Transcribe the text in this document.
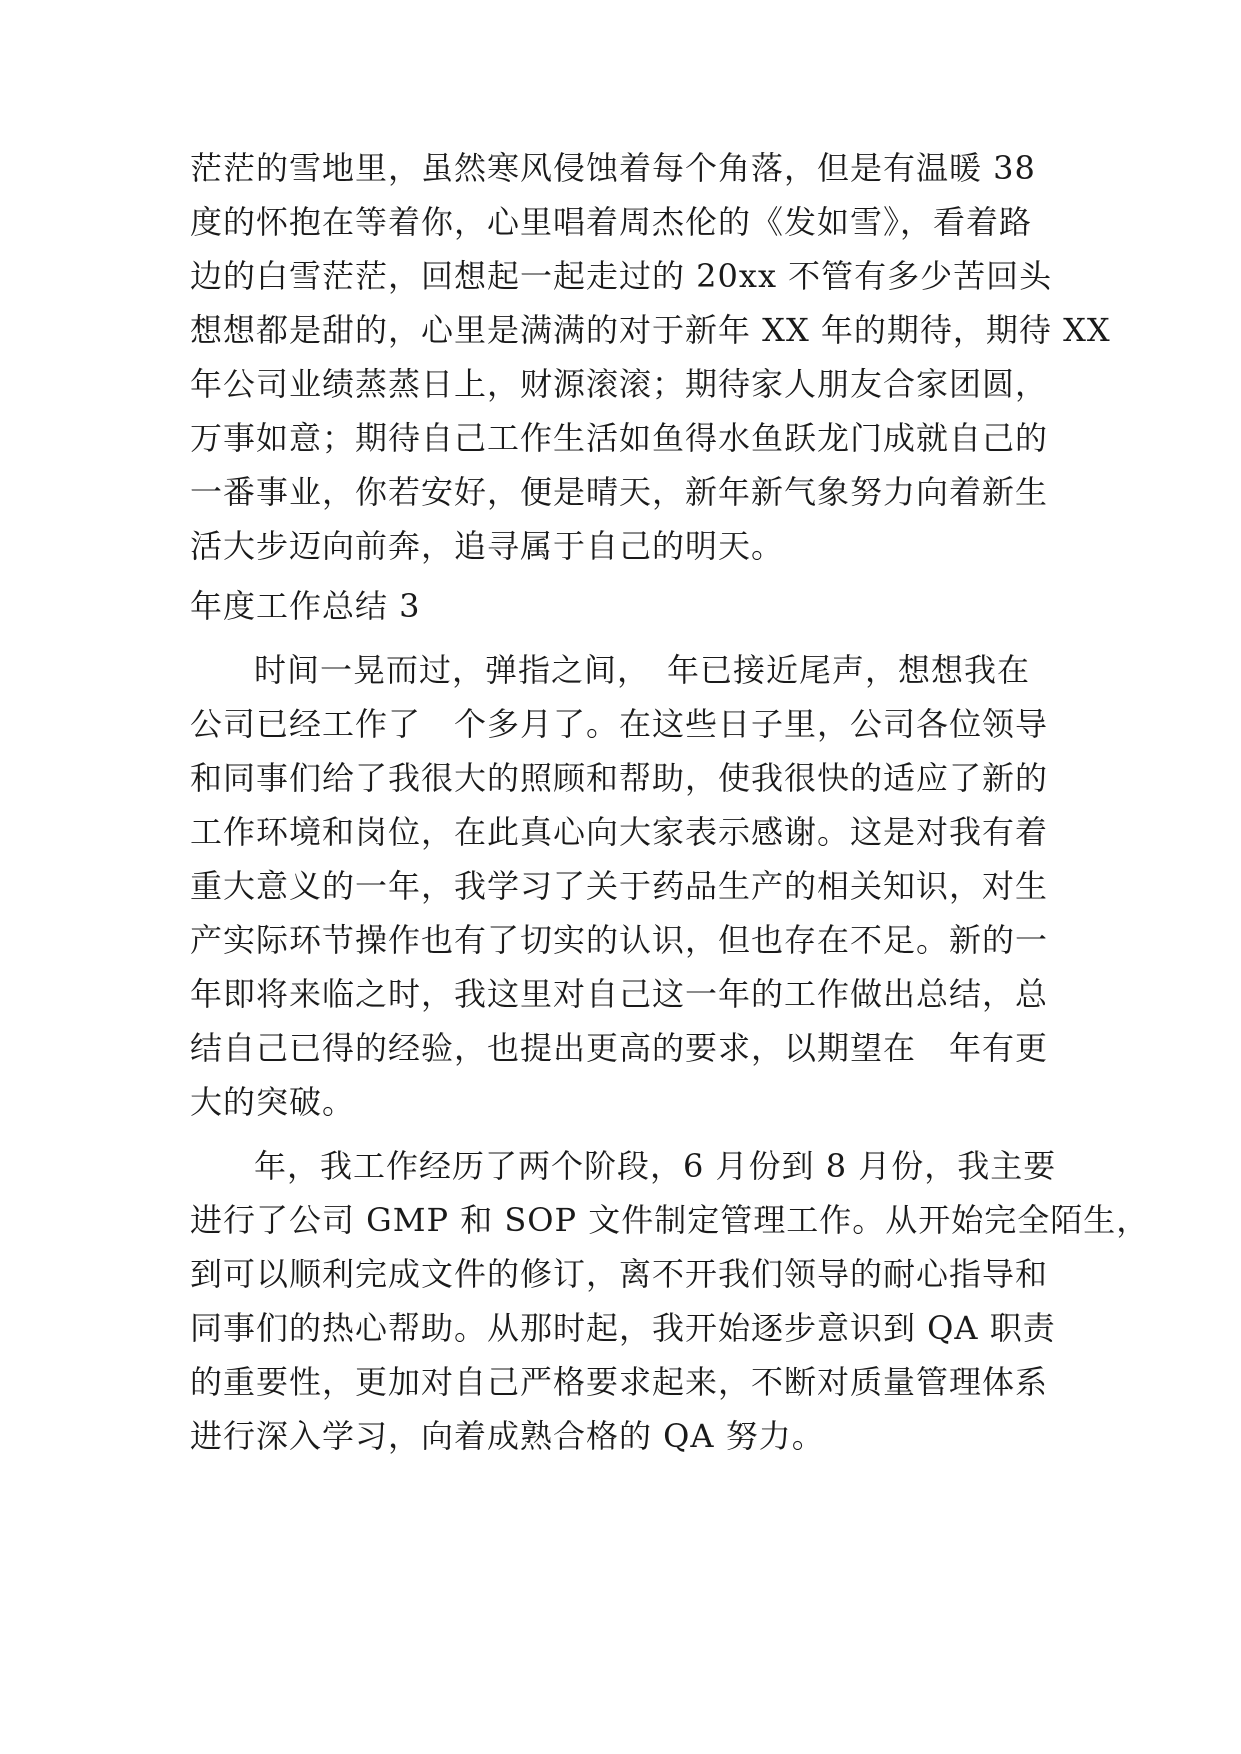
茫茫的雪地里，虽然寒风侵蚀着每个角落，但是有温暖 38
度的怀抱在等着你，心里唱着周杰伦的《发如雪》，看着路
边的白雪茫茫，回想起一起走过的 20xx 不管有多少苦回头
想想都是甜的，心里是满满的对于新年 XX 年的期待，期待 XX
年公司业绩蒸蒸日上，财源滚滚；期待家人朋友合家团圆，
万事如意；期待自己工作生活如鱼得水鱼跃龙门成就自己的
一番事业，你若安好，便是晴天，新年新气象努力向着新生
活大步迈向前奔，追寻属于自己的明天。
年度工作总结 3
时间一晃而过，弹指之间，　年已接近尾声，想想我在
公司已经工作了　个多月了。在这些日子里，公司各位领导
和同事们给了我很大的照顾和帮助，使我很快的适应了新的
工作环境和岗位，在此真心向大家表示感谢。这是对我有着
重大意义的一年，我学习了关于药品生产的相关知识，对生
产实际环节操作也有了切实的认识，但也存在不足。新的一
年即将来临之时，我这里对自己这一年的工作做出总结，总
结自己已得的经验，也提出更高的要求，以期望在　年有更
大的突破。
年，我工作经历了两个阶段，6 月份到 8 月份，我主要
进行了公司 GMP 和 SOP 文件制定管理工作。从开始完全陌生，
到可以顺利完成文件的修订，离不开我们领导的耐心指导和
同事们的热心帮助。从那时起，我开始逐步意识到 QA 职责
的重要性，更加对自己严格要求起来，不断对质量管理体系
进行深入学习，向着成熟合格的 QA 努力。
